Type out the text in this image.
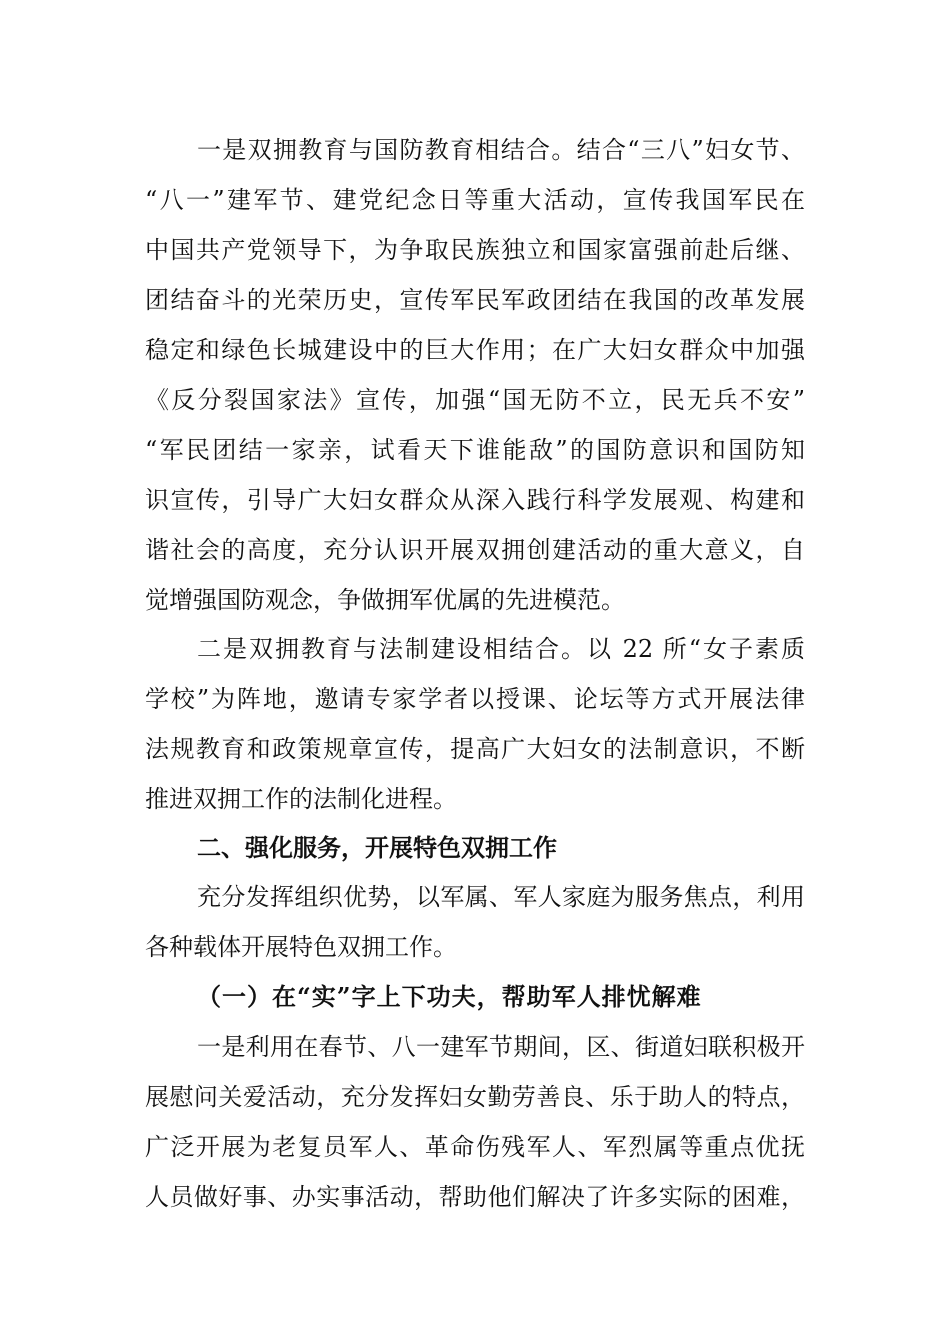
一是双拥教育与国防教育相结合。结合“三八”妇女节、
“八一”建军节、建党纪念日等重大活动，宣传我国军民在
中国共产党领导下，为争取民族独立和国家富强前赴后继、
团结奋斗的光荣历史，宣传军民军政团结在我国的改革发展
稳定和绿色长城建设中的巨大作用；在广大妇女群众中加强
《反分裂国家法》宣传，加强“国无防不立，民无兵不安”
“军民团结一家亲，试看天下谁能敌”的国防意识和国防知
识宣传，引导广大妇女群众从深入践行科学发展观、构建和
谐社会的高度，充分认识开展双拥创建活动的重大意义，自
觉增强国防观念，争做拥军优属的先进模范。
二是双拥教育与法制建设相结合。以 22 所“女子素质
学校”为阵地，邀请专家学者以授课、论坛等方式开展法律
法规教育和政策规章宣传，提高广大妇女的法制意识，不断
推进双拥工作的法制化进程。
二、强化服务，开展特色双拥工作
充分发挥组织优势，以军属、军人家庭为服务焦点，利用
各种载体开展特色双拥工作。
（一）在“实”字上下功夫，帮助军人排忧解难
一是利用在春节、八一建军节期间，区、街道妇联积极开
展慰问关爱活动，充分发挥妇女勤劳善良、乐于助人的特点，
广泛开展为老复员军人、革命伤残军人、军烈属等重点优抚
人员做好事、办实事活动，帮助他们解决了许多实际的困难，
